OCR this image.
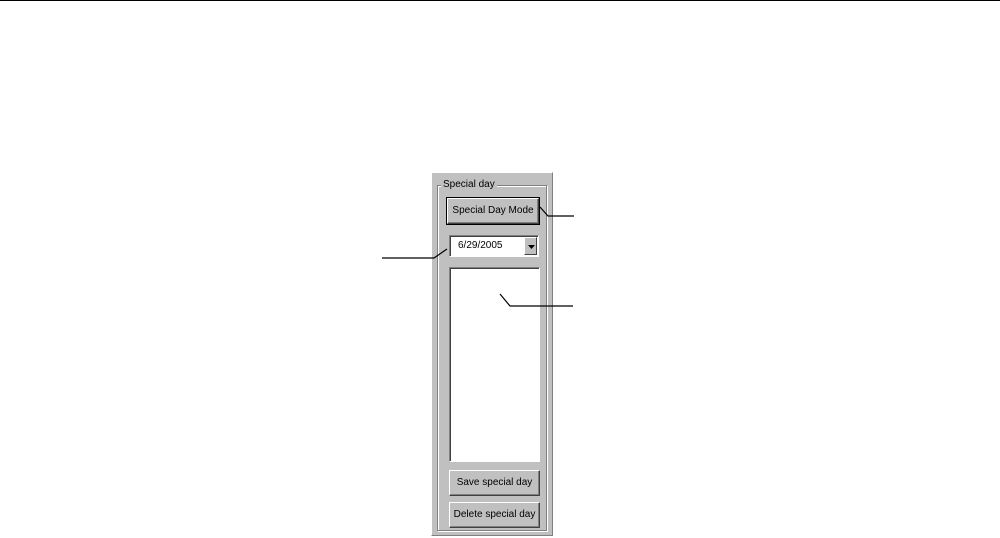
Special day
Special Day Mode
6/29/2005
Save special day
Delete special day
